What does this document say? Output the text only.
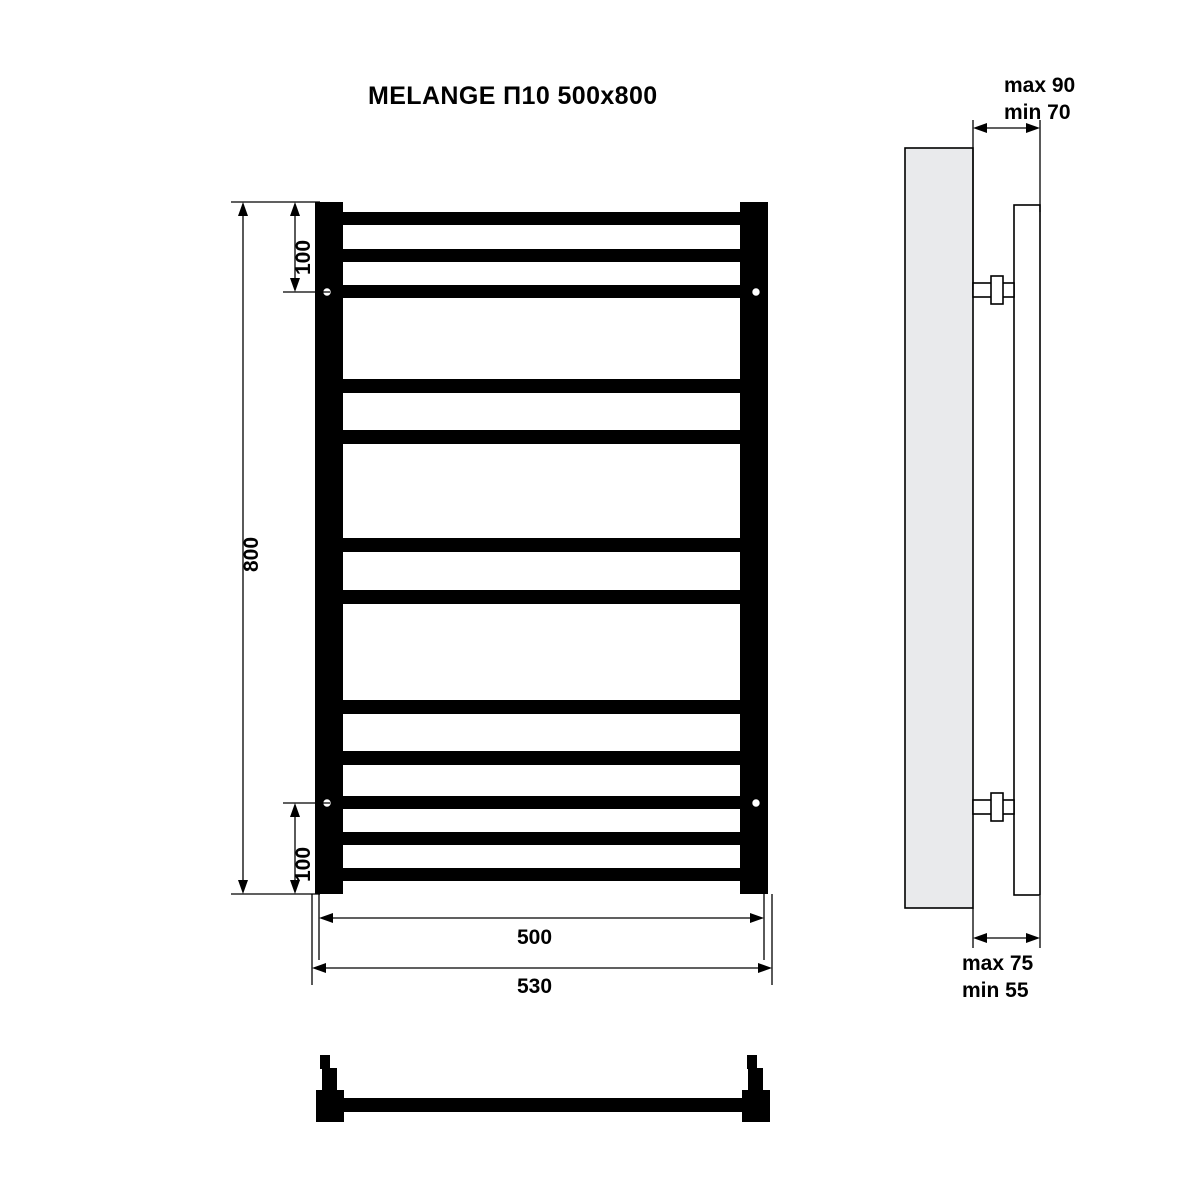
MELANGE П10 500x800
100
800
100
500
530
max 90
min 70
max 75
min 55
